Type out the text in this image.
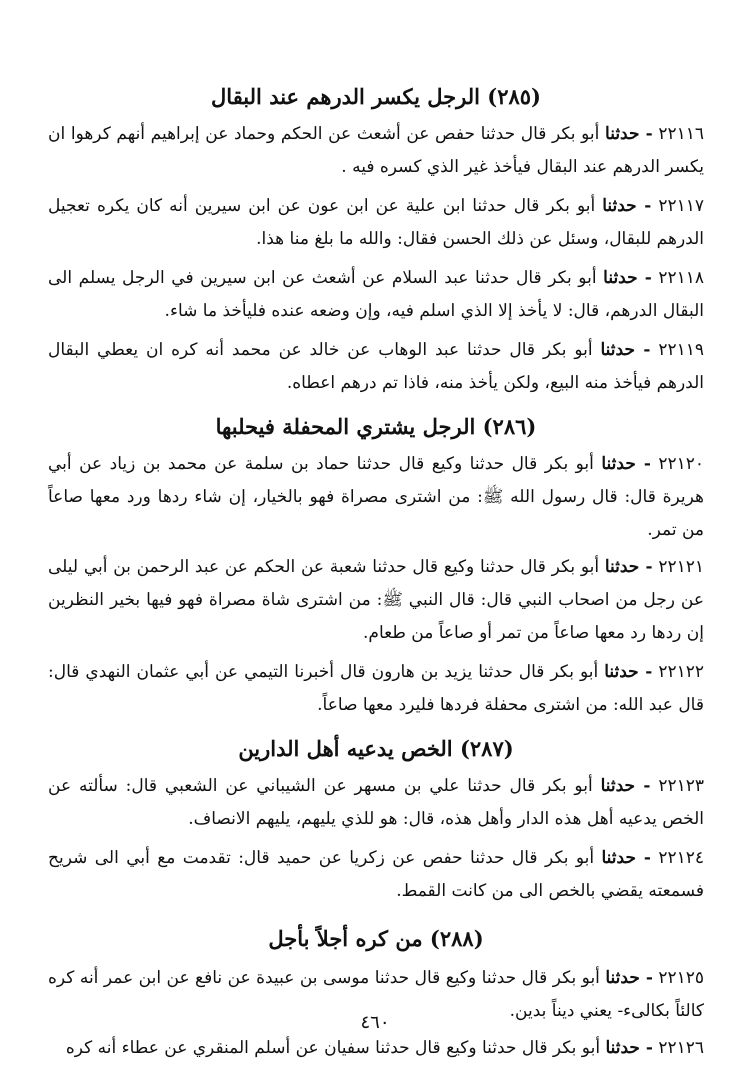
(٢٨٥) الرجل يكسر الدرهم عند البقال

٢٢١١٦ - حدثنا أبو بكر قال حدثنا حفص عن أشعث عن الحكم وحماد عن إبراهيم أنهم كرهوا ان يكسر الدرهم عند البقال فيأخذ غير الذي كسره فيه .

٢٢١١٧ - حدثنا أبو بكر قال حدثنا ابن علية عن ابن عون عن ابن سيرين أنه كان يكره تعجيل الدرهم للبقال، وسئل عن ذلك الحسن فقال: والله ما بلغ منا هذا.

٢٢١١٨ - حدثنا أبو بكر قال حدثنا عبد السلام عن أشعث عن ابن سيرين في الرجل يسلم الى البقال الدرهم، قال: لا يأخذ إلا الذي اسلم فيه، وإن وضعه عنده فليأخذ ما شاء.

٢٢١١٩ - حدثنا أبو بكر قال حدثنا عبد الوهاب عن خالد عن محمد أنه كره ان يعطي البقال الدرهم فيأخذ منه البيع، ولكن يأخذ منه، فاذا تم درهم اعطاه.

(٢٨٦) الرجل يشتري المحفلة فيحلبها

٢٢١٢٠ - حدثنا أبو بكر قال حدثنا وكيع قال حدثنا حماد بن سلمة عن محمد بن زياد عن أبي هريرة قال: قال رسول الله ﷺ: من اشترى مصراة فهو بالخيار، إن شاء ردها ورد معها صاعاً من تمر.

٢٢١٢١ - حدثنا أبو بكر قال حدثنا وكيع قال حدثنا شعبة عن الحكم عن عبد الرحمن بن أبي ليلى عن رجل من اصحاب النبي قال: قال النبي ﷺ: من اشترى شاة مصراة فهو فيها بخير النظرين إن ردها رد معها صاعاً من تمر أو صاعاً من طعام.

٢٢١٢٢ - حدثنا أبو بكر قال حدثنا يزيد بن هارون قال أخبرنا التيمي عن أبي عثمان النهدي قال: قال عبد الله: من اشترى محفلة فردها فليرد معها صاعاً.

(٢٨٧) الخص يدعيه أهل الدارين

٢٢١٢٣ - حدثنا أبو بكر قال حدثنا علي بن مسهر عن الشيباني عن الشعبي قال: سألته عن الخص يدعيه أهل هذه الدار وأهل هذه، قال: هو للذي يليهم، يليهم الانصاف.

٢٢١٢٤ - حدثنا أبو بكر قال حدثنا حفص عن زكريا عن حميد قال: تقدمت مع أبي الى شريح فسمعته يقضي بالخص الى من كانت القمط.

(٢٨٨) من كره أجلاً بأجل

٢٢١٢٥ - حدثنا أبو بكر قال حدثنا وكيع قال حدثنا موسى بن عبيدة عن نافع عن ابن عمر أنه كره كالئاً بكالىء- يعني ديناً بدين.

٢٢١٢٦ - حدثنا أبو بكر قال حدثنا وكيع قال حدثنا سفيان عن أسلم المنقري عن عطاء أنه كره

٤٦٠
